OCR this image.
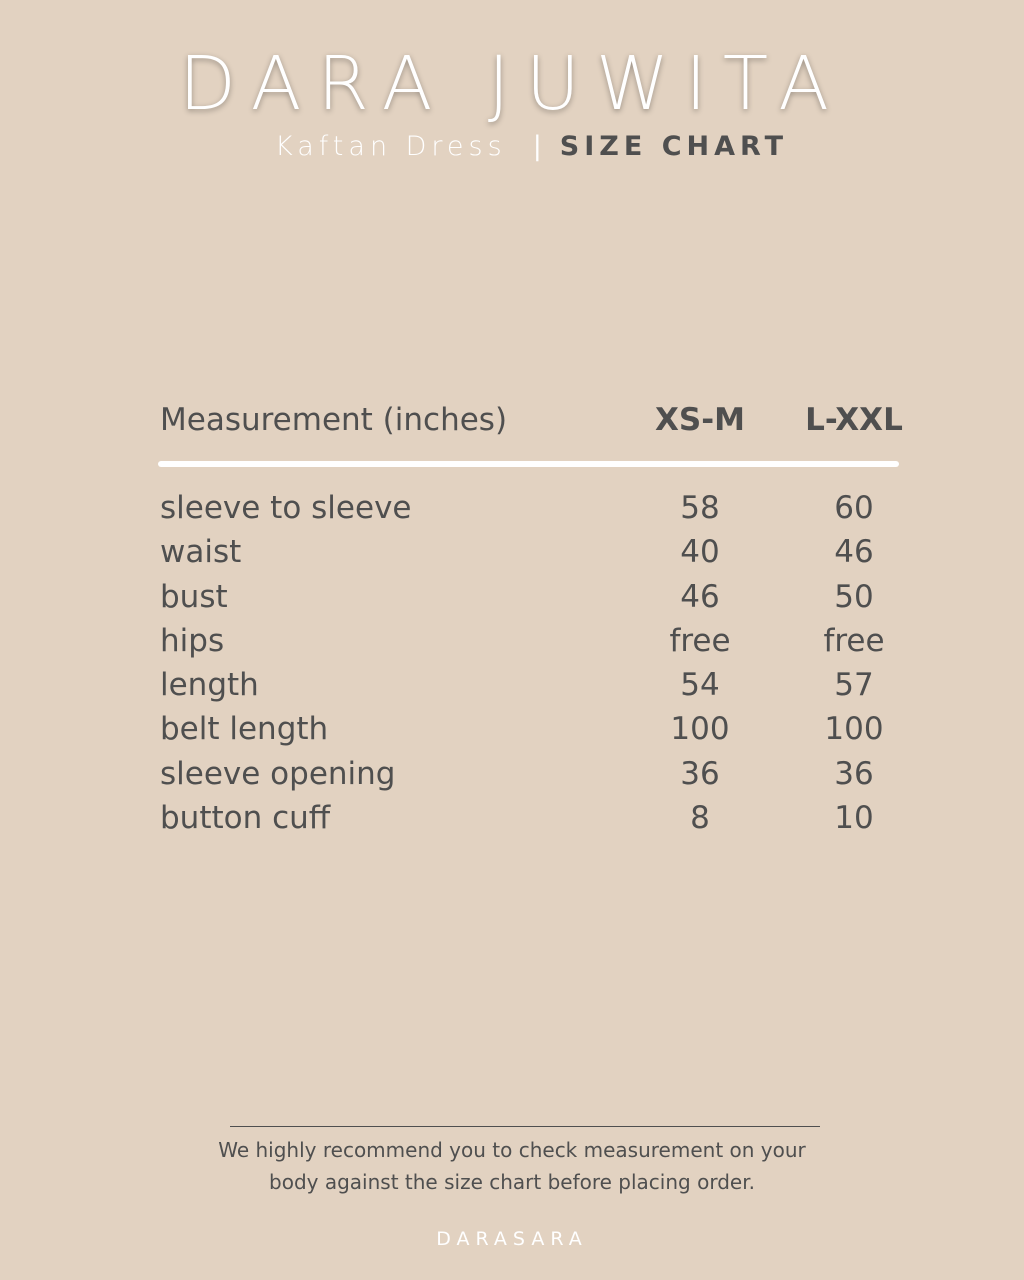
DARA JUWITA
Kaftan Dress | SIZE CHART
Measurement (inches)	XS-M	L-XXL
sleeve to sleeve	58	60
waist	40	46
bust	46	50
hips	free	free
length	54	57
belt length	100	100
sleeve opening	36	36
button cuff	8	10
We highly recommend you to check measurement on your
body against the size chart before placing order.
DARASARA
